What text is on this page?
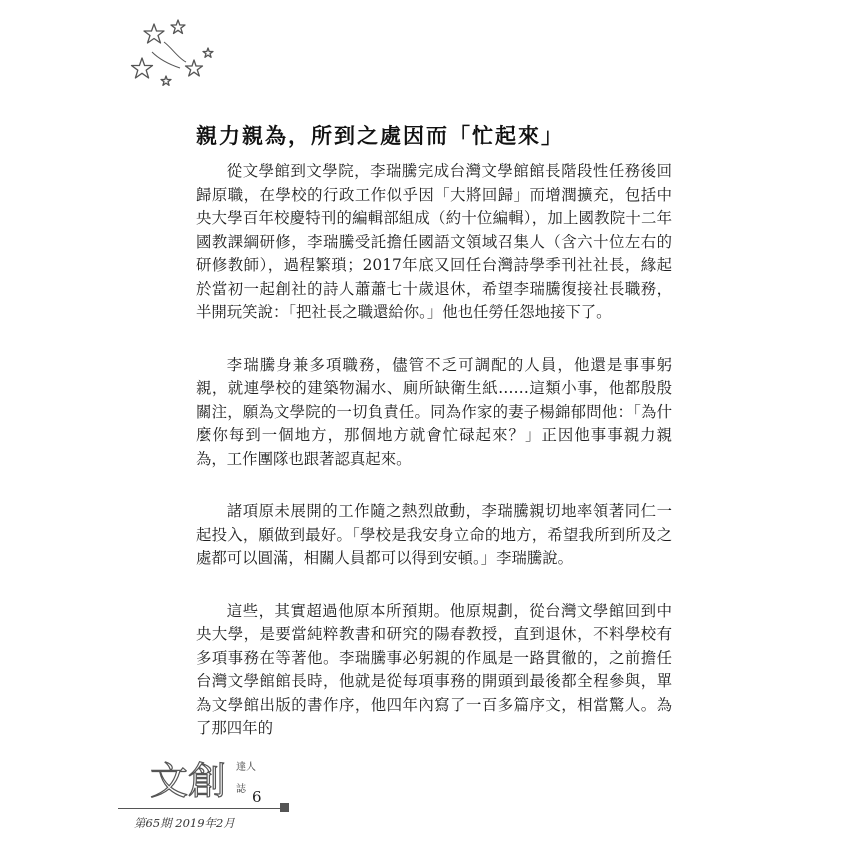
親力親為，所到之處因而「忙起來」

從文學館到文學院，李瑞騰完成台灣文學館館長階段性任務後回歸原職，在學校的行政工作似乎因「大將回歸」而增潤擴充，包括中央大學百年校慶特刊的編輯部組成（約十位編輯），加上國教院十二年國教課綱研修，李瑞騰受託擔任國語文領域召集人（含六十位左右的研修教師），過程繁瑣；2017年底又回任台灣詩學季刊社社長，緣起於當初一起創社的詩人蕭蕭七十歲退休，希望李瑞騰復接社長職務，半開玩笑說：「把社長之職還給你。」他也任勞任怨地接下了。

李瑞騰身兼多項職務，儘管不乏可調配的人員，他還是事事躬親，就連學校的建築物漏水、廁所缺衛生紙……這類小事，他都殷殷關注，願為文學院的一切負責任。同為作家的妻子楊錦郁問他：「為什麼你每到一個地方，那個地方就會忙碌起來？」正因他事事親力親為，工作團隊也跟著認真起來。

諸項原未展開的工作隨之熱烈啟動，李瑞騰親切地率領著同仁一起投入，願做到最好。「學校是我安身立命的地方，希望我所到所及之處都可以圓滿，相關人員都可以得到安頓。」李瑞騰說。

這些，其實超過他原本所預期。他原規劃，從台灣文學館回到中央大學，是要當純粹教書和研究的陽春教授，直到退休，不料學校有多項事務在等著他。李瑞騰事必躬親的作風是一路貫徹的，之前擔任台灣文學館館長時，他就是從每項事務的開頭到最後都全程參與，單為文學館出版的書作序，他四年內寫了一百多篇序文，相當驚人。為了那四年的

文創 達人
誌 6
第65期 2019年2月
